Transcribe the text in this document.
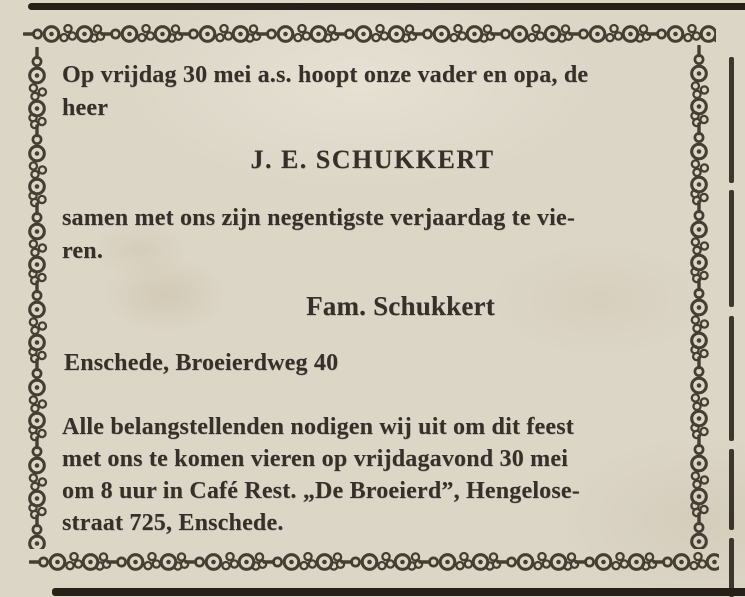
Op vrijdag 30 mei a.s. hoopt onze vader en opa, de
heer
J. E. SCHUKKERT
samen met ons zijn negentigste verjaardag te vie-
ren.
Fam. Schukkert
Enschede, Broeierdweg 40
Alle belangstellenden nodigen wij uit om dit feest
met ons te komen vieren op vrijdagavond 30 mei
om 8 uur in Café Rest. „De Broeierd”, Hengelose-
straat 725, Enschede.
